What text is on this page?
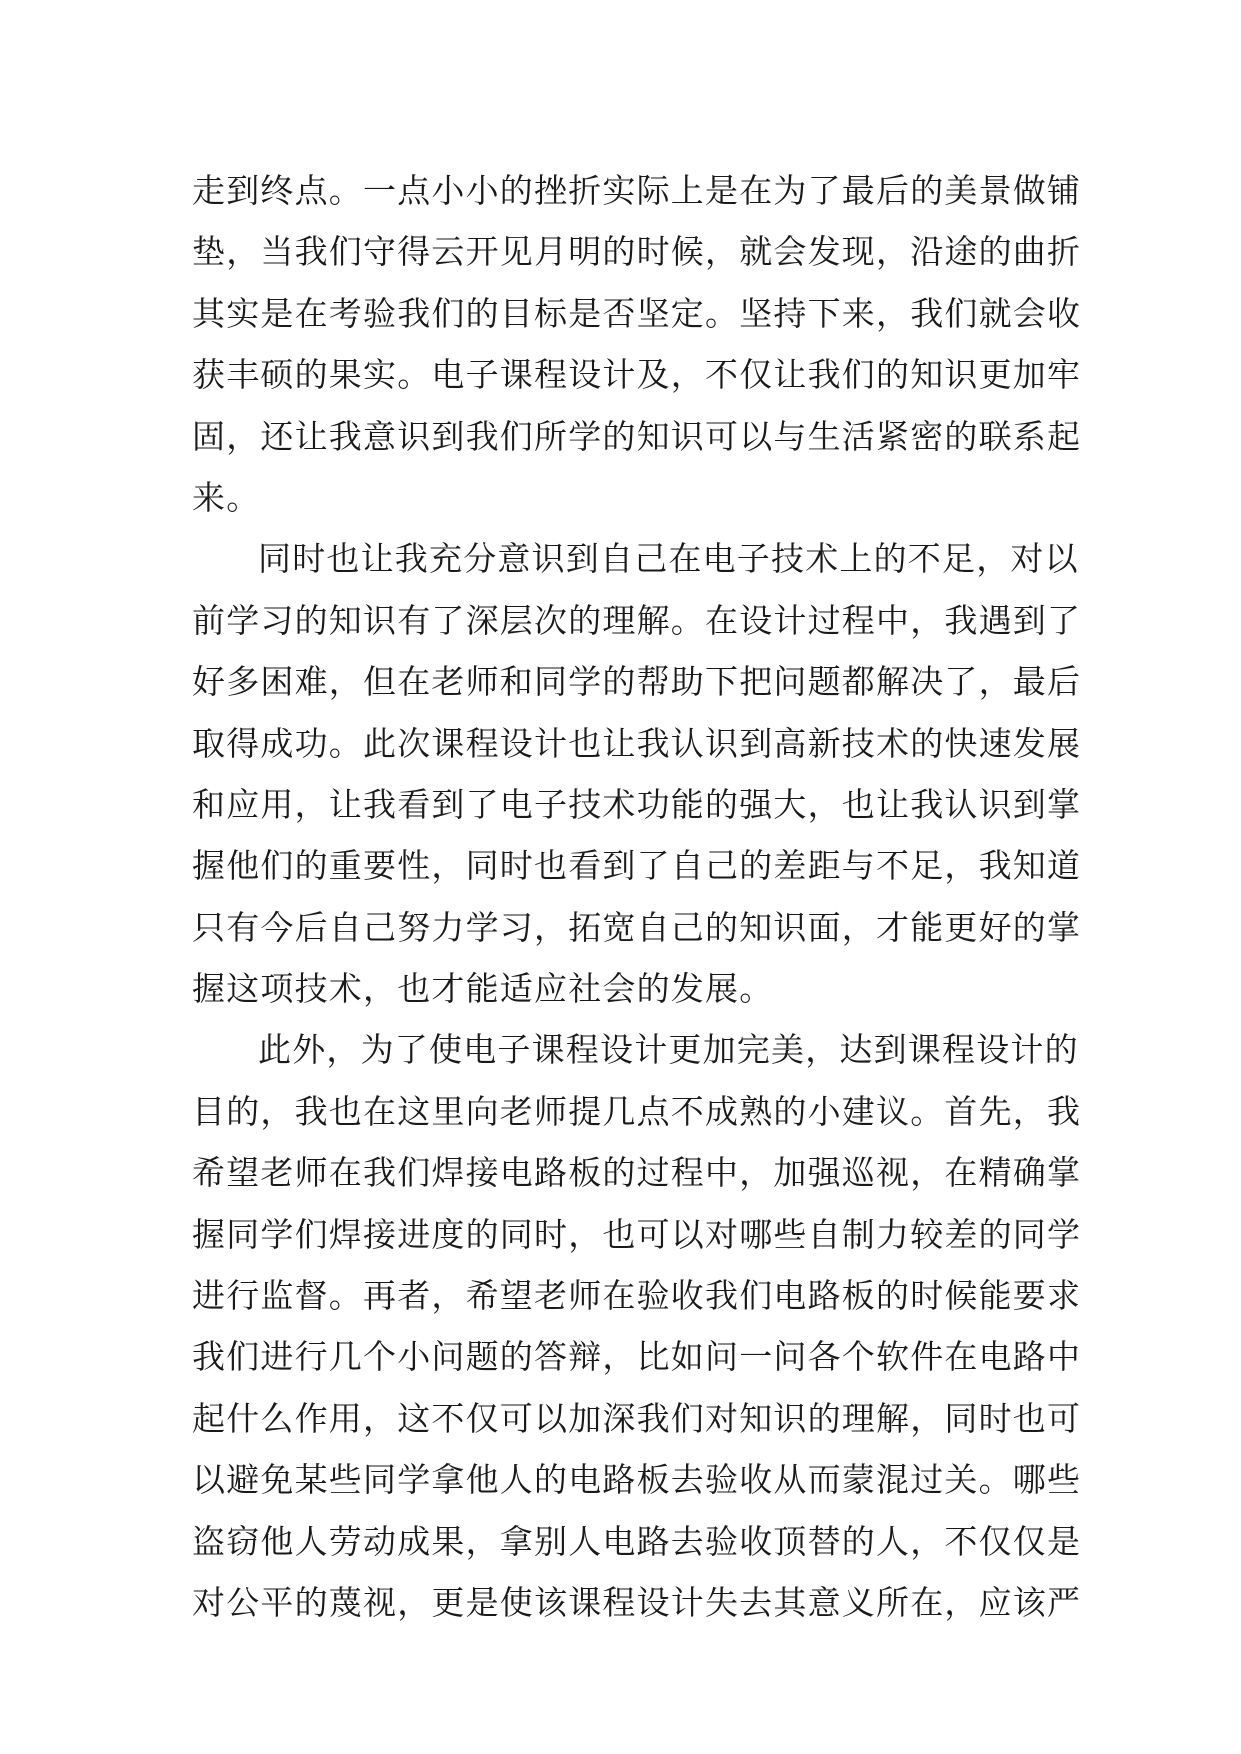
走到终点。一点小小的挫折实际上是在为了最后的美景做铺
垫，当我们守得云开见月明的时候，就会发现，沿途的曲折
其实是在考验我们的目标是否坚定。坚持下来，我们就会收
获丰硕的果实。电子课程设计及，不仅让我们的知识更加牢
固，还让我意识到我们所学的知识可以与生活紧密的联系起
来。
同时也让我充分意识到自己在电子技术上的不足，对以
前学习的知识有了深层次的理解。在设计过程中，我遇到了
好多困难，但在老师和同学的帮助下把问题都解决了，最后
取得成功。此次课程设计也让我认识到高新技术的快速发展
和应用，让我看到了电子技术功能的强大，也让我认识到掌
握他们的重要性，同时也看到了自己的差距与不足，我知道
只有今后自己努力学习，拓宽自己的知识面，才能更好的掌
握这项技术，也才能适应社会的发展。
此外，为了使电子课程设计更加完美，达到课程设计的
目的，我也在这里向老师提几点不成熟的小建议。首先，我
希望老师在我们焊接电路板的过程中，加强巡视，在精确掌
握同学们焊接进度的同时，也可以对哪些自制力较差的同学
进行监督。再者，希望老师在验收我们电路板的时候能要求
我们进行几个小问题的答辩，比如问一问各个软件在电路中
起什么作用，这不仅可以加深我们对知识的理解，同时也可
以避免某些同学拿他人的电路板去验收从而蒙混过关。哪些
盗窃他人劳动成果，拿别人电路去验收顶替的人，不仅仅是
对公平的蔑视，更是使该课程设计失去其意义所在，应该严
